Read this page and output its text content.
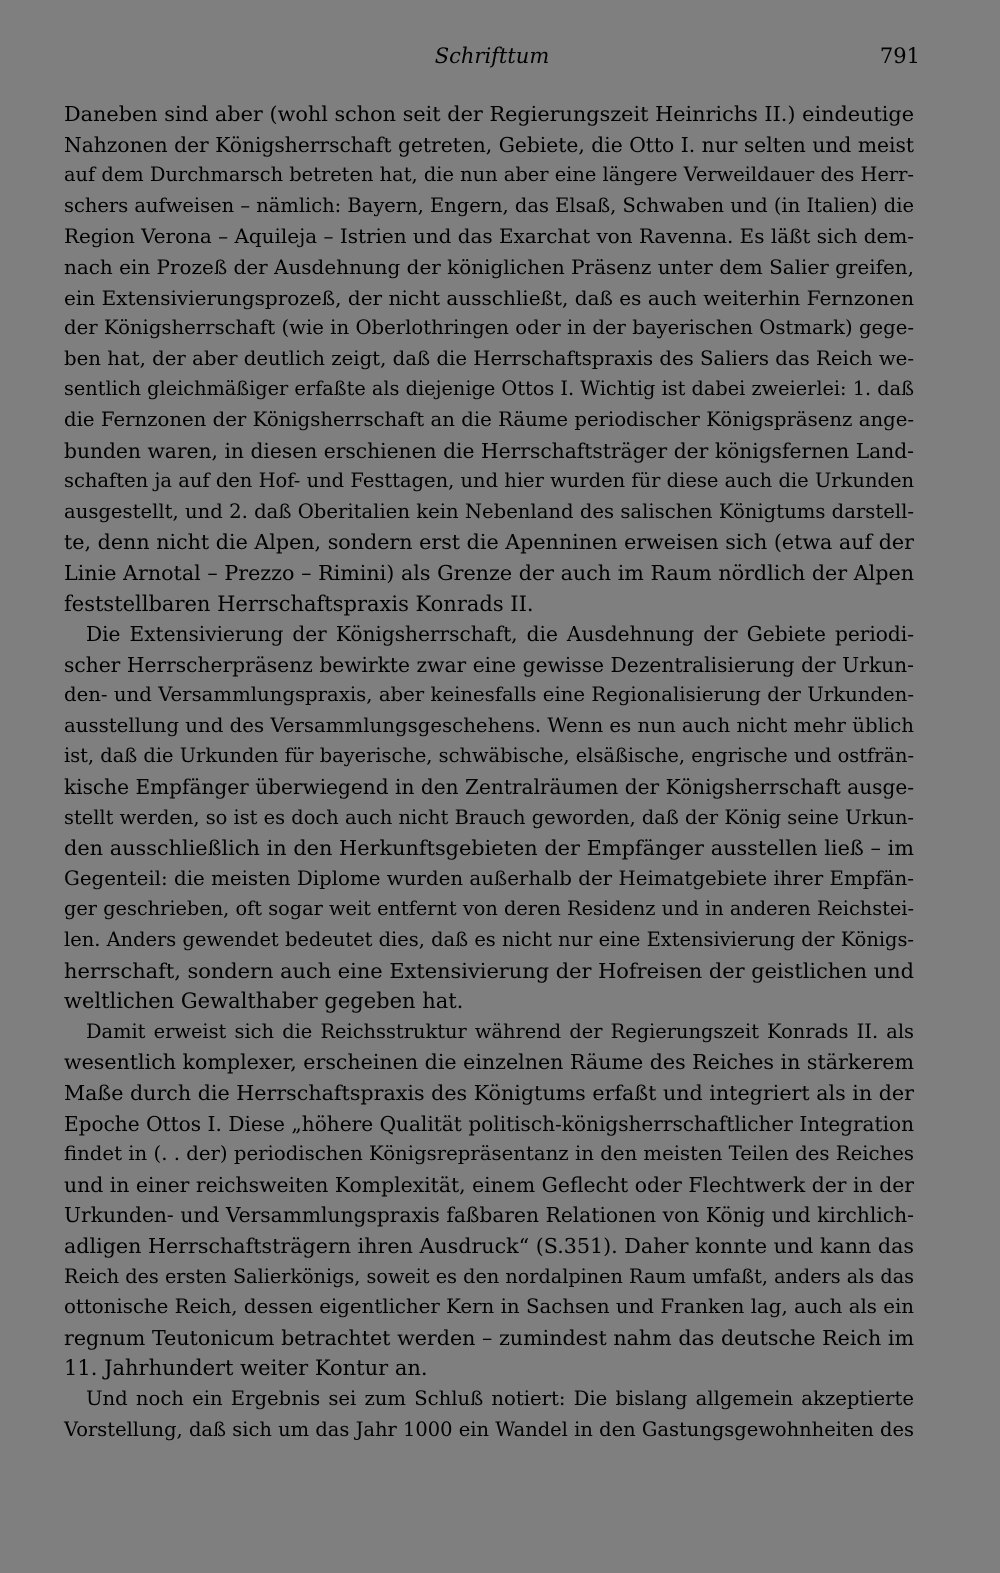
Schrifttum	791
Daneben sind aber (wohl schon seit der Regierungszeit Heinrichs II.) eindeutige
Nahzonen der Königsherrschaft getreten, Gebiete, die Otto I. nur selten und meist
auf dem Durchmarsch betreten hat, die nun aber eine längere Verweildauer des Herr-
schers aufweisen – nämlich: Bayern, Engern, das Elsaß, Schwaben und (in Italien) die
Region Verona – Aquileja – Istrien und das Exarchat von Ravenna. Es läßt sich dem-
nach ein Prozeß der Ausdehnung der königlichen Präsenz unter dem Salier greifen,
ein Extensivierungsprozeß, der nicht ausschließt, daß es auch weiterhin Fernzonen
der Königsherrschaft (wie in Oberlothringen oder in der bayerischen Ostmark) gege-
ben hat, der aber deutlich zeigt, daß die Herrschaftspraxis des Saliers das Reich we-
sentlich gleichmäßiger erfaßte als diejenige Ottos I. Wichtig ist dabei zweierlei: 1. daß
die Fernzonen der Königsherrschaft an die Räume periodischer Königspräsenz ange-
bunden waren, in diesen erschienen die Herrschaftsträger der königsfernen Land-
schaften ja auf den Hof- und Festtagen, und hier wurden für diese auch die Urkunden
ausgestellt, und 2. daß Oberitalien kein Nebenland des salischen Königtums darstell-
te, denn nicht die Alpen, sondern erst die Apenninen erweisen sich (etwa auf der
Linie Arnotal – Prezzo – Rimini) als Grenze der auch im Raum nördlich der Alpen
feststellbaren Herrschaftspraxis Konrads II.
Die Extensivierung der Königsherrschaft, die Ausdehnung der Gebiete periodi-
scher Herrscherpräsenz bewirkte zwar eine gewisse Dezentralisierung der Urkun-
den- und Versammlungspraxis, aber keinesfalls eine Regionalisierung der Urkunden-
ausstellung und des Versammlungsgeschehens. Wenn es nun auch nicht mehr üblich
ist, daß die Urkunden für bayerische, schwäbische, elsäßische, engrische und ostfrän-
kische Empfänger überwiegend in den Zentralräumen der Königsherrschaft ausge-
stellt werden, so ist es doch auch nicht Brauch geworden, daß der König seine Urkun-
den ausschließlich in den Herkunftsgebieten der Empfänger ausstellen ließ – im
Gegenteil: die meisten Diplome wurden außerhalb der Heimatgebiete ihrer Empfän-
ger geschrieben, oft sogar weit entfernt von deren Residenz und in anderen Reichstei-
len. Anders gewendet bedeutet dies, daß es nicht nur eine Extensivierung der Königs-
herrschaft, sondern auch eine Extensivierung der Hofreisen der geistlichen und
weltlichen Gewalthaber gegeben hat.
Damit erweist sich die Reichsstruktur während der Regierungszeit Konrads II. als
wesentlich komplexer, erscheinen die einzelnen Räume des Reiches in stärkerem
Maße durch die Herrschaftspraxis des Königtums erfaßt und integriert als in der
Epoche Ottos I. Diese „höhere Qualität politisch-königsherrschaftlicher Integration
findet in (. . der) periodischen Königsrepräsentanz in den meisten Teilen des Reiches
und in einer reichsweiten Komplexität, einem Geflecht oder Flechtwerk der in der
Urkunden- und Versammlungspraxis faßbaren Relationen von König und kirchlich-
adligen Herrschaftsträgern ihren Ausdruck“ (S.351). Daher konnte und kann das
Reich des ersten Salierkönigs, soweit es den nordalpinen Raum umfaßt, anders als das
ottonische Reich, dessen eigentlicher Kern in Sachsen und Franken lag, auch als ein
regnum Teutonicum betrachtet werden – zumindest nahm das deutsche Reich im
11. Jahrhundert weiter Kontur an.
Und noch ein Ergebnis sei zum Schluß notiert: Die bislang allgemein akzeptierte
Vorstellung, daß sich um das Jahr 1000 ein Wandel in den Gastungsgewohnheiten des
